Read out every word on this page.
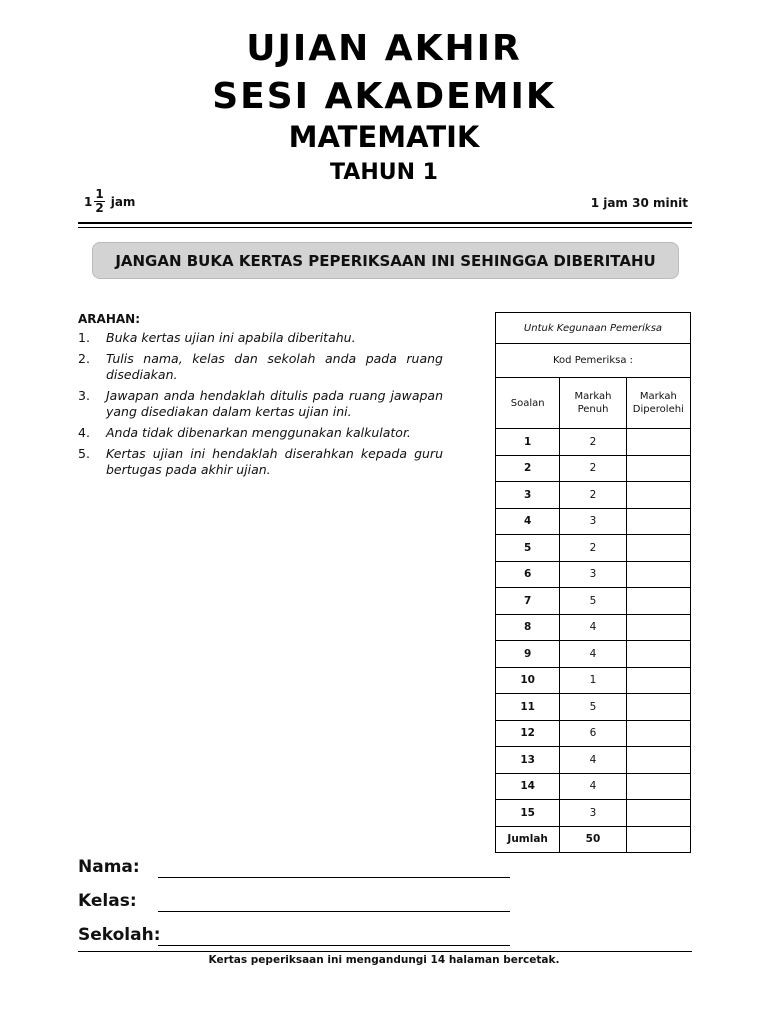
UJIAN AKHIR
SESI AKADEMIK
MATEMATIK
TAHUN 1
$1 \frac{1}{2}$ jam	1 jam 30 minit
JANGAN BUKA KERTAS PEPERIKSAAN INI SEHINGGA DIBERITAHU
ARAHAN:
1.	Buka kertas ujian ini apabila diberitahu.
2.	Tulis nama, kelas dan sekolah anda pada ruang disediakan.
3.	Jawapan anda hendaklah ditulis pada ruang jawapan yang disediakan dalam kertas ujian ini.
4.	Anda tidak dibenarkan menggunakan kalkulator.
5.	Kertas ujian ini hendaklah diserahkan kepada guru bertugas pada akhir ujian.
Untuk Kegunaan Pemeriksa		
Kod Pemeriksa :		
Soalan	Markah Penuh	Markah Diperolehi
1	2	
2	2	
3	2	
4	3	
5	2	
6	3	
7	5	
8	4	
9	4	
10	1	
11	5	
12	6	
13	4	
14	4	
15	3	
Jumlah	50	
Nama:
Kelas:
Sekolah:
Kertas peperiksaan ini mengandungi 14 halaman bercetak.
